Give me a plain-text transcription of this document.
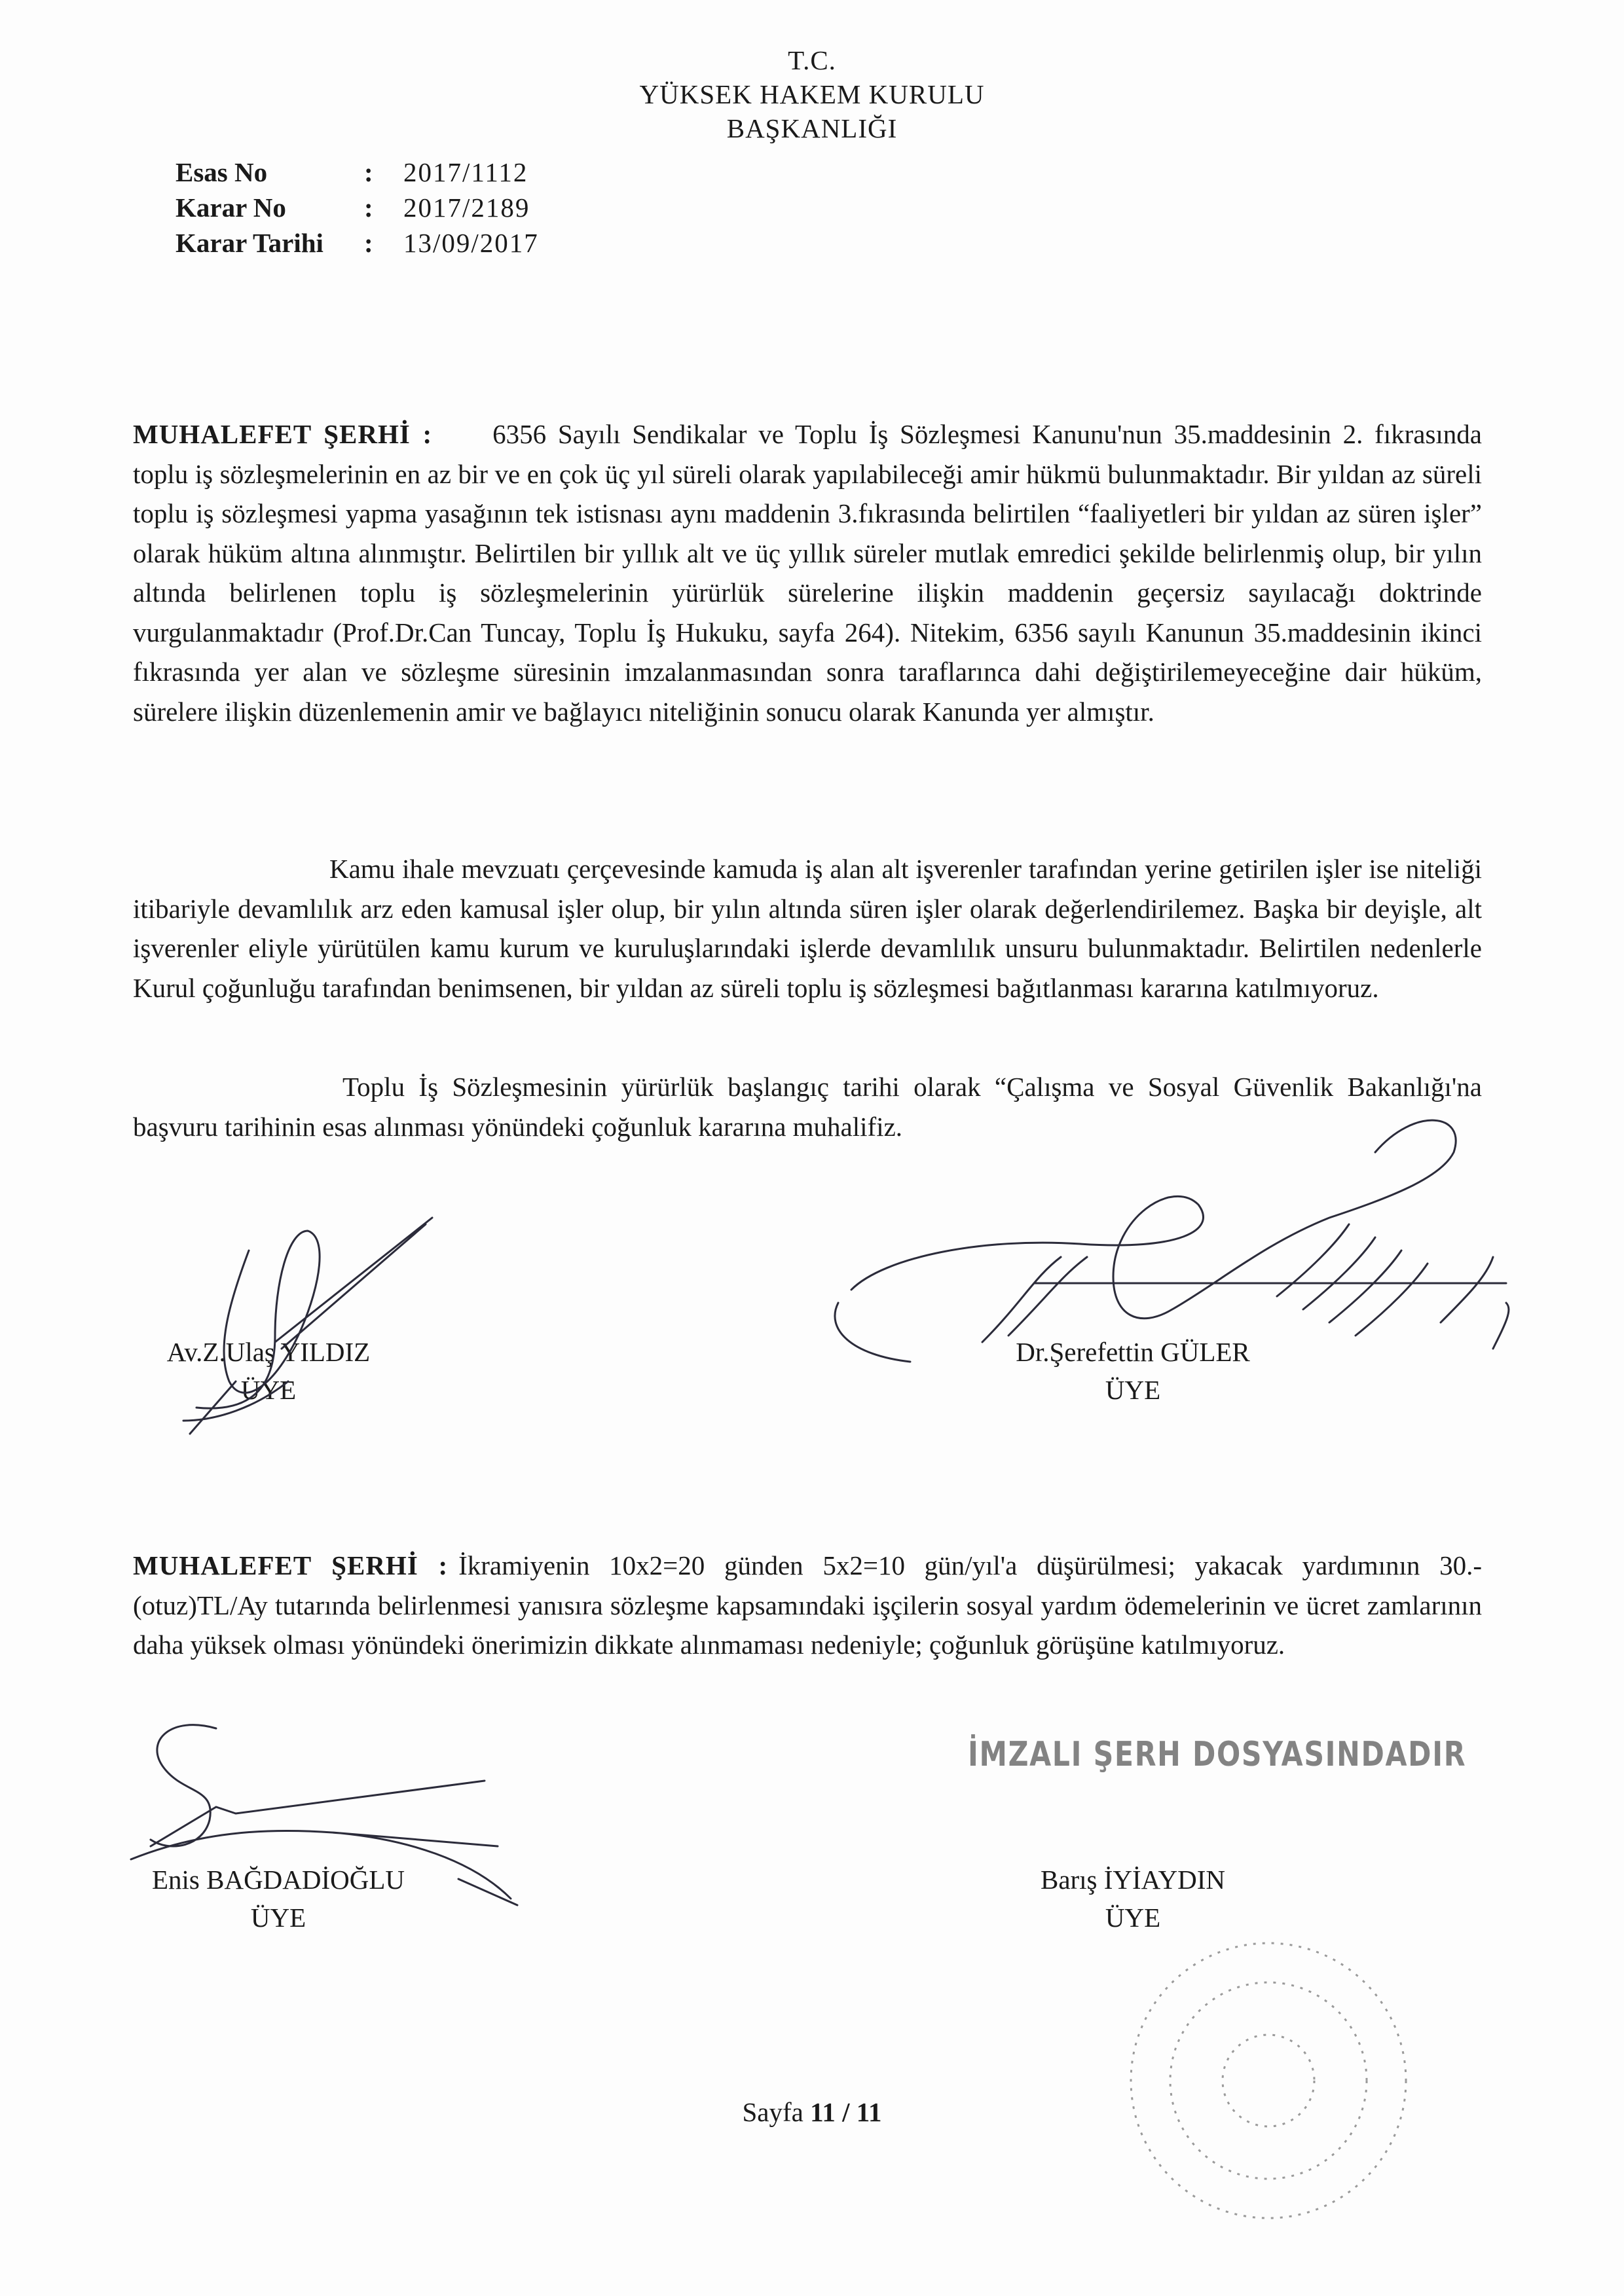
T.C.
YÜKSEK HAKEM KURULU
BAŞKANLIĞI
Esas No	:	2017/1112
Karar No	:	2017/2189
Karar Tarihi	:	13/09/2017
MUHALEFET ŞERHİ : 6356 Sayılı Sendikalar ve Toplu İş Sözleşmesi Kanunu'nun 35.maddesinin 2. fıkrasında toplu iş sözleşmelerinin en az bir ve en çok üç yıl süreli olarak yapılabileceği amir hükmü bulunmaktadır. Bir yıldan az süreli toplu iş sözleşmesi yapma yasağının tek istisnası aynı maddenin 3.fıkrasında belirtilen “faaliyetleri bir yıldan az süren işler” olarak hüküm altına alınmıştır. Belirtilen bir yıllık alt ve üç yıllık süreler mutlak emredici şekilde belirlenmiş olup, bir yılın altında belirlenen toplu iş sözleşmelerinin yürürlük sürelerine ilişkin maddenin geçersiz sayılacağı doktrinde vurgulanmaktadır (Prof.Dr.Can Tuncay, Toplu İş Hukuku, sayfa 264). Nitekim, 6356 sayılı Kanunun 35.maddesinin ikinci fıkrasında yer alan ve sözleşme süresinin imzalanmasından sonra taraflarınca dahi değiştirilemeyeceğine dair hüküm, sürelere ilişkin düzenlemenin amir ve bağlayıcı niteliğinin sonucu olarak Kanunda yer almıştır.
Kamu ihale mevzuatı çerçevesinde kamuda iş alan alt işverenler tarafından yerine getirilen işler ise niteliği itibariyle devamlılık arz eden kamusal işler olup, bir yılın altında süren işler olarak değerlendirilemez. Başka bir deyişle, alt işverenler eliyle yürütülen kamu kurum ve kuruluşlarındaki işlerde devamlılık unsuru bulunmaktadır. Belirtilen nedenlerle Kurul çoğunluğu tarafından benimsenen, bir yıldan az süreli toplu iş sözleşmesi bağıtlanması kararına katılmıyoruz.
Toplu İş Sözleşmesinin yürürlük başlangıç tarihi olarak “Çalışma ve Sosyal Güvenlik Bakanlığı'na başvuru tarihinin esas alınması yönündeki çoğunluk kararına muhalifiz.
Av.Z.Ulaş YILDIZ
ÜYE
Dr.Şerefettin GÜLER
ÜYE
MUHALEFET ŞERHİ : İkramiyenin 10x2=20 günden 5x2=10 gün/yıl'a düşürülmesi; yakacak yardımının 30.-(otuz)TL/Ay tutarında belirlenmesi yanısıra sözleşme kapsamındaki işçilerin sosyal yardım ödemelerinin ve ücret zamlarının daha yüksek olması yönündeki önerimizin dikkate alınmaması nedeniyle; çoğunluk görüşüne katılmıyoruz.
İMZALI ŞERH DOSYASINDADIR
Enis BAĞDADİOĞLU
ÜYE
Barış İYİAYDIN
ÜYE
Sayfa 11 / 11
